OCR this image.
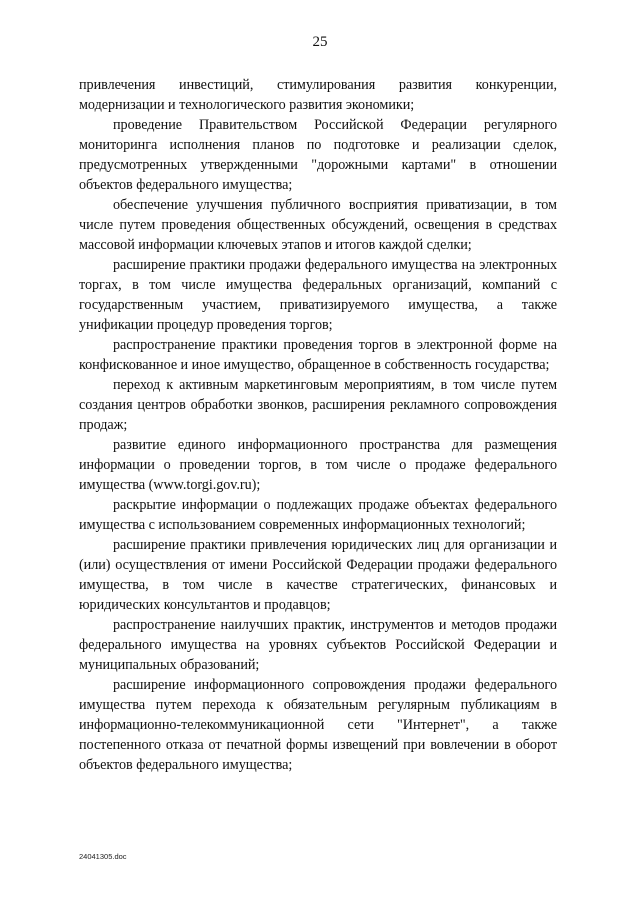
25

привлечения инвестиций, стимулирования развития конкуренции, модернизации и технологического развития экономики;

проведение Правительством Российской Федерации регулярного мониторинга исполнения планов по подготовке и реализации сделок, предусмотренных утвержденными "дорожными картами" в отношении объектов федерального имущества;

обеспечение улучшения публичного восприятия приватизации, в том числе путем проведения общественных обсуждений, освещения в средствах массовой информации ключевых этапов и итогов каждой сделки;

расширение практики продажи федерального имущества на электронных торгах, в том числе имущества федеральных организаций, компаний с государственным участием, приватизируемого имущества, а также унификации процедур проведения торгов;

распространение практики проведения торгов в электронной форме на конфискованное и иное имущество, обращенное в собственность государства;

переход к активным маркетинговым мероприятиям, в том числе путем создания центров обработки звонков, расширения рекламного сопровождения продаж;

развитие единого информационного пространства для размещения информации о проведении торгов, в том числе о продаже федерального имущества (www.torgi.gov.ru);

раскрытие информации о подлежащих продаже объектах федерального имущества с использованием современных информационных технологий;

расширение практики привлечения юридических лиц для организации и (или) осуществления от имени Российской Федерации продажи федерального имущества, в том числе в качестве стратегических, финансовых и юридических консультантов и продавцов;

распространение наилучших практик, инструментов и методов продажи федерального имущества на уровнях субъектов Российской Федерации и муниципальных образований;

расширение информационного сопровождения продажи федерального имущества путем перехода к обязательным регулярным публикациям в информационно-телекоммуникационной сети "Интернет", а также постепенного отказа от печатной формы извещений при вовлечении в оборот объектов федерального имущества;

24041305.doc
